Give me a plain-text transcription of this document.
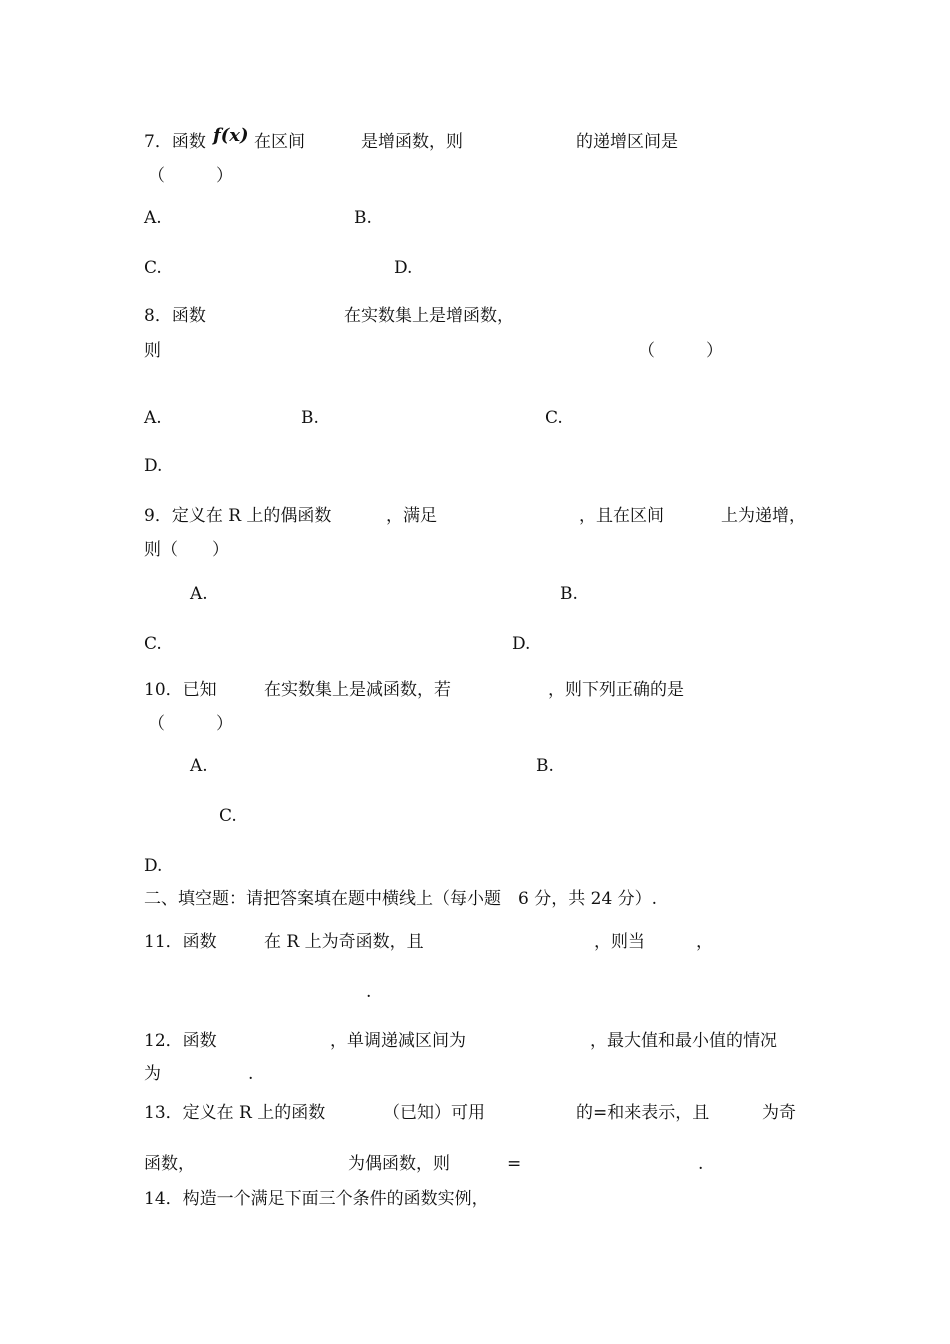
7．函数 f(x) 在区间	是增函数，则	的递增区间是
（　　　）
A.	B.
C.	D.
8．函数	在实数集上是增函数，
则	（　　　）
A.	B.	C.
D.
9．定义在 R 上的偶函数	，满足	，且在区间	上为递增，
则（　　）
A.	B.
C.	D.
10．已知	在实数集上是减函数，若	，则下列正确的是
（　　　）
A.	B.
C.
D.
二、填空题：请把答案填在题中横线上（每小题　6 分，共 24 分）.
11．函数	在 R 上为奇函数，且	，则当	，
.
12．函数	，单调递减区间为	，最大值和最小值的情况
为	.
13．定义在 R 上的函数	（已知）可用	的=和来表示，且	为奇
函数，	为偶函数，则	=	.
14．构造一个满足下面三个条件的函数实例，
